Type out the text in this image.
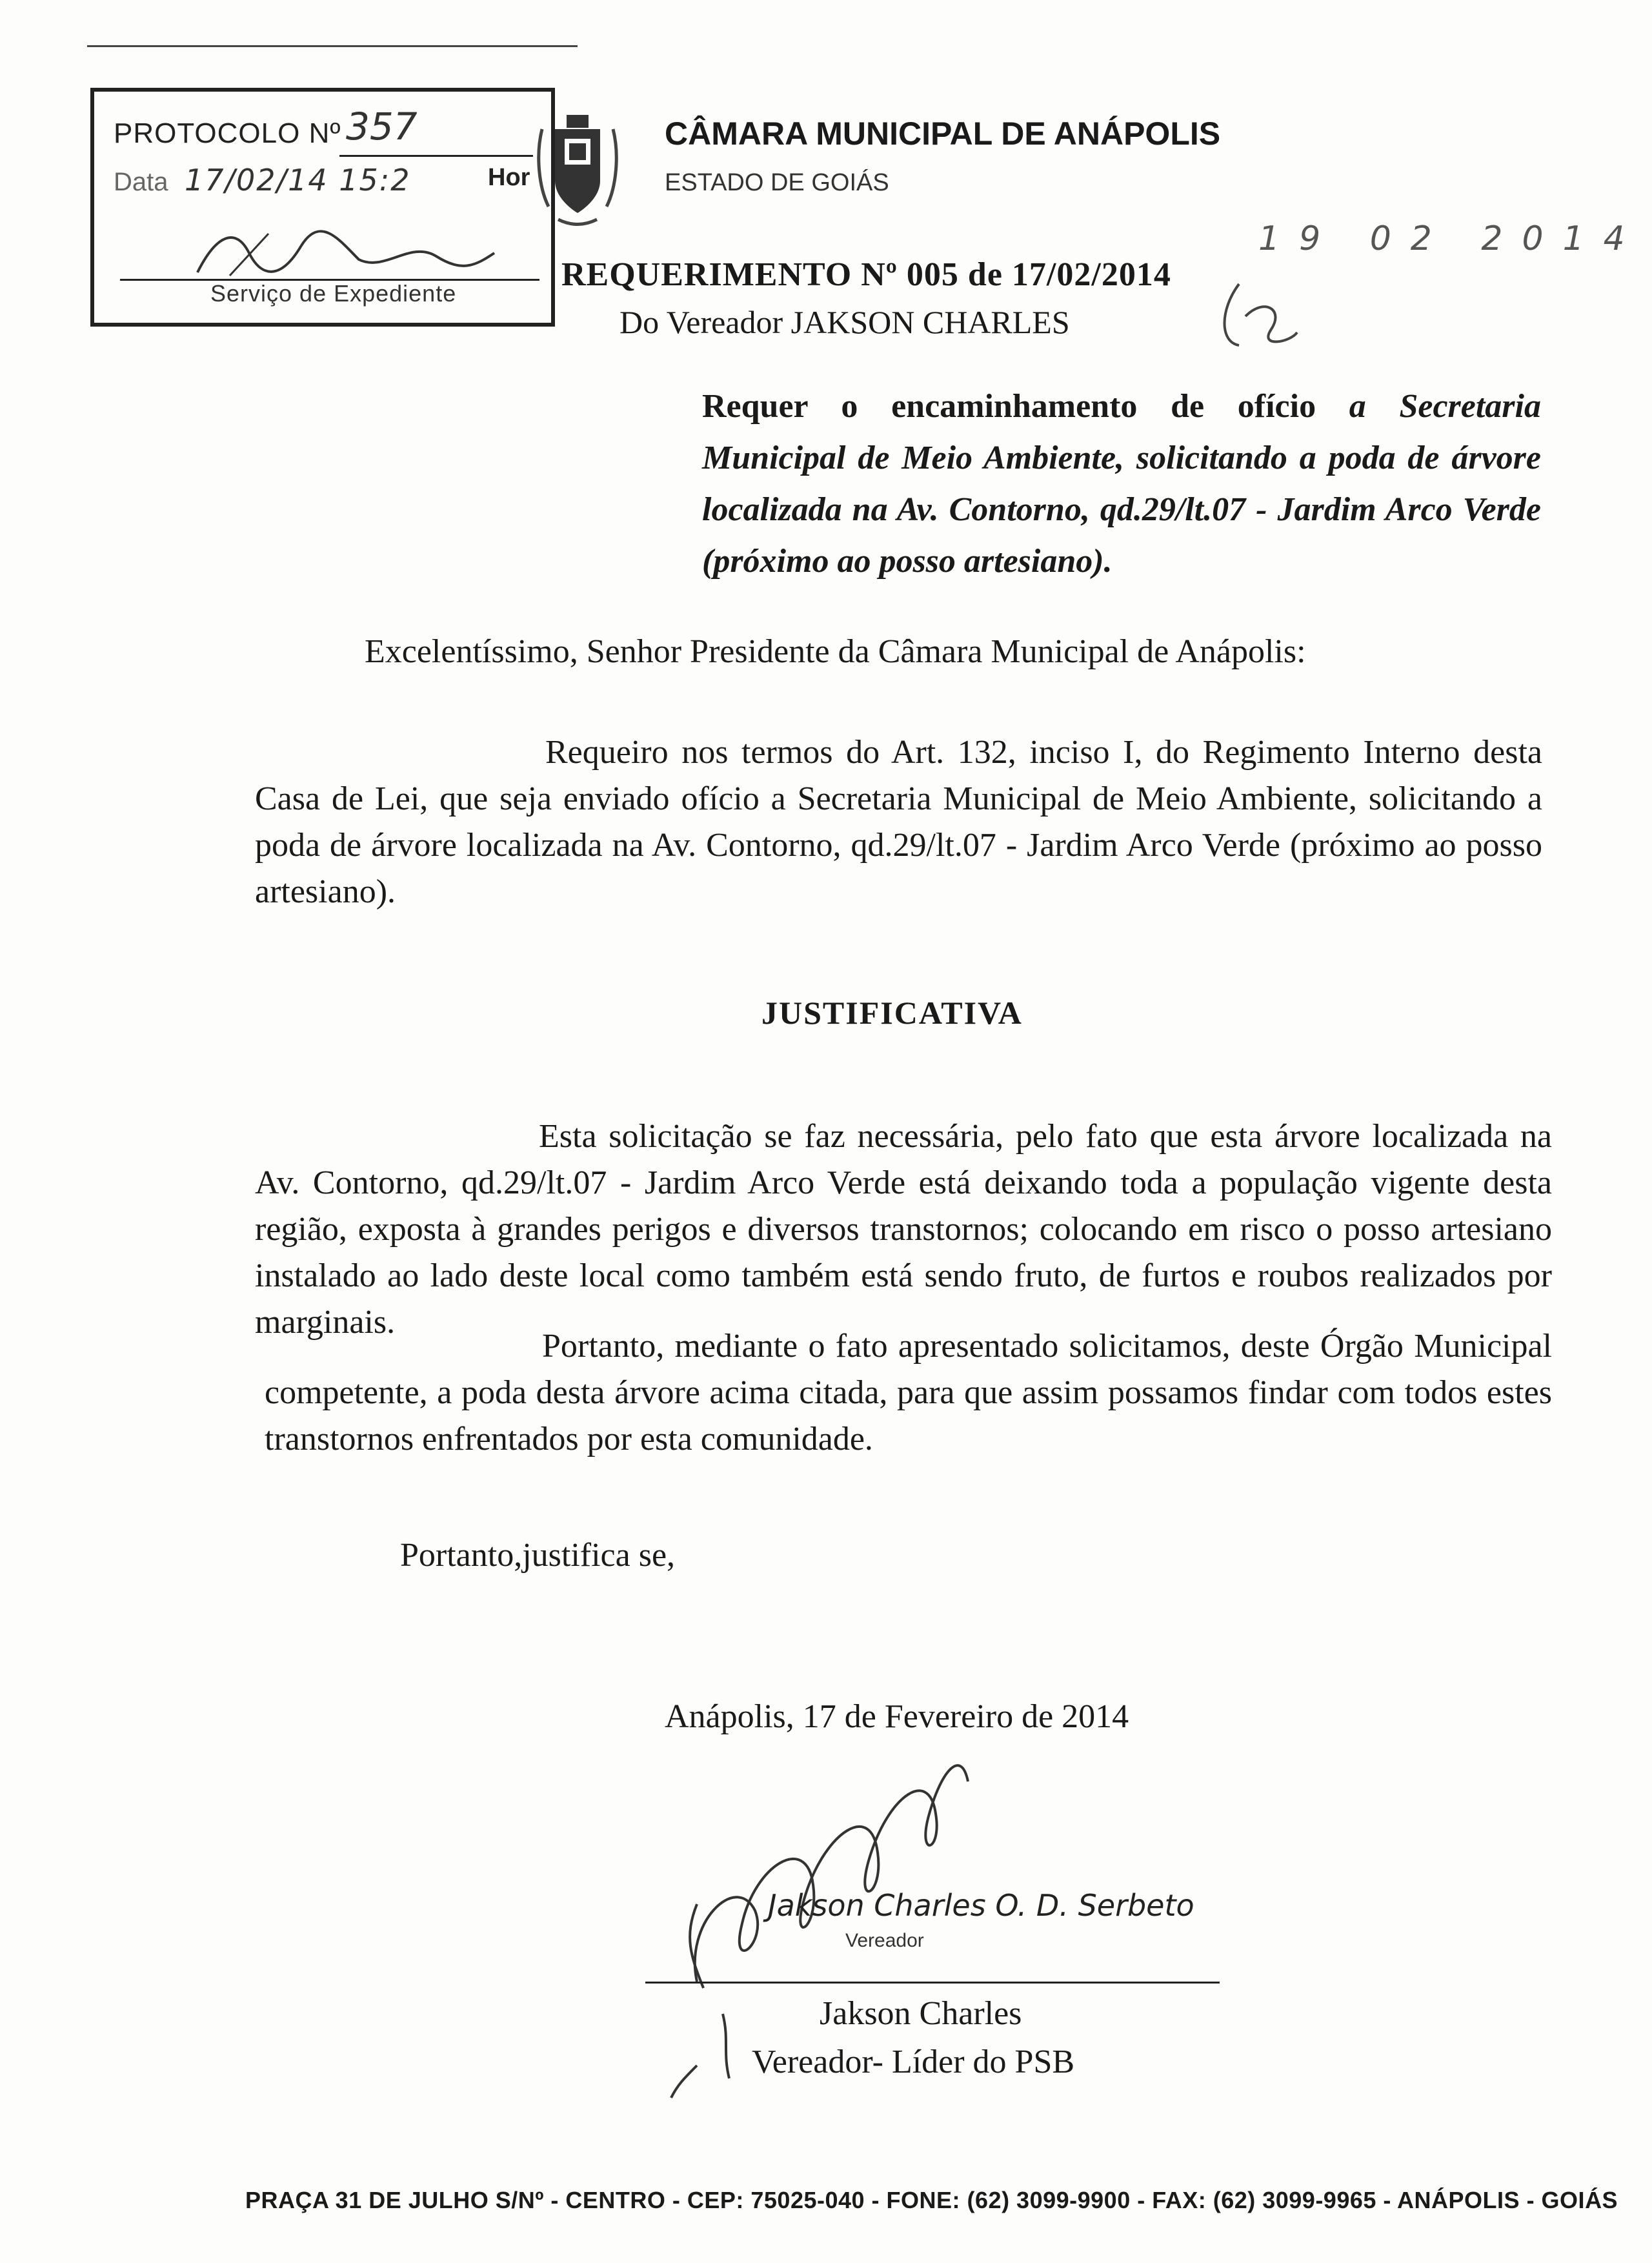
PROTOCOLO Nº 357
Data 17/02/14 15:2	Hor
Serviço de Expediente
CÂMARA MUNICIPAL DE ANÁPOLIS
ESTADO DE GOIÁS
19 02 2014
REQUERIMENTO Nº 005 de 17/02/2014
Do Vereador JAKSON CHARLES
Requer o encaminhamento de ofício a Secretaria Municipal de Meio Ambiente, solicitando a poda de árvore localizada na Av. Contorno, qd.29/lt.07 - Jardim Arco Verde (próximo ao posso artesiano).
Excelentíssimo, Senhor Presidente da Câmara Municipal de Anápolis:
Requeiro nos termos do Art. 132, inciso I, do Regimento Interno desta Casa de Lei, que seja enviado ofício a Secretaria Municipal de Meio Ambiente, solicitando a poda de árvore localizada na Av. Contorno, qd.29/lt.07 - Jardim Arco Verde (próximo ao posso artesiano).
JUSTIFICATIVA
Esta solicitação se faz necessária, pelo fato que esta árvore localizada na Av. Contorno, qd.29/lt.07 - Jardim Arco Verde está deixando toda a população vigente desta região, exposta à grandes perigos e diversos transtornos; colocando em risco o posso artesiano instalado ao lado deste local como também está sendo fruto, de furtos e roubos realizados por marginais.
Portanto, mediante o fato apresentado solicitamos, deste Órgão Municipal competente, a poda desta árvore acima citada, para que assim possamos findar com todos estes transtornos enfrentados por esta comunidade.
Portanto,justifica se,
Anápolis, 17 de Fevereiro de 2014
Jakson Charles O. D. Serbeto
Vereador
Jakson Charles
Vereador- Líder do PSB
PRAÇA 31 DE JULHO S/Nº - CENTRO - CEP: 75025-040 - FONE: (62) 3099-9900 - FAX: (62) 3099-9965 - ANÁPOLIS - GOIÁS
